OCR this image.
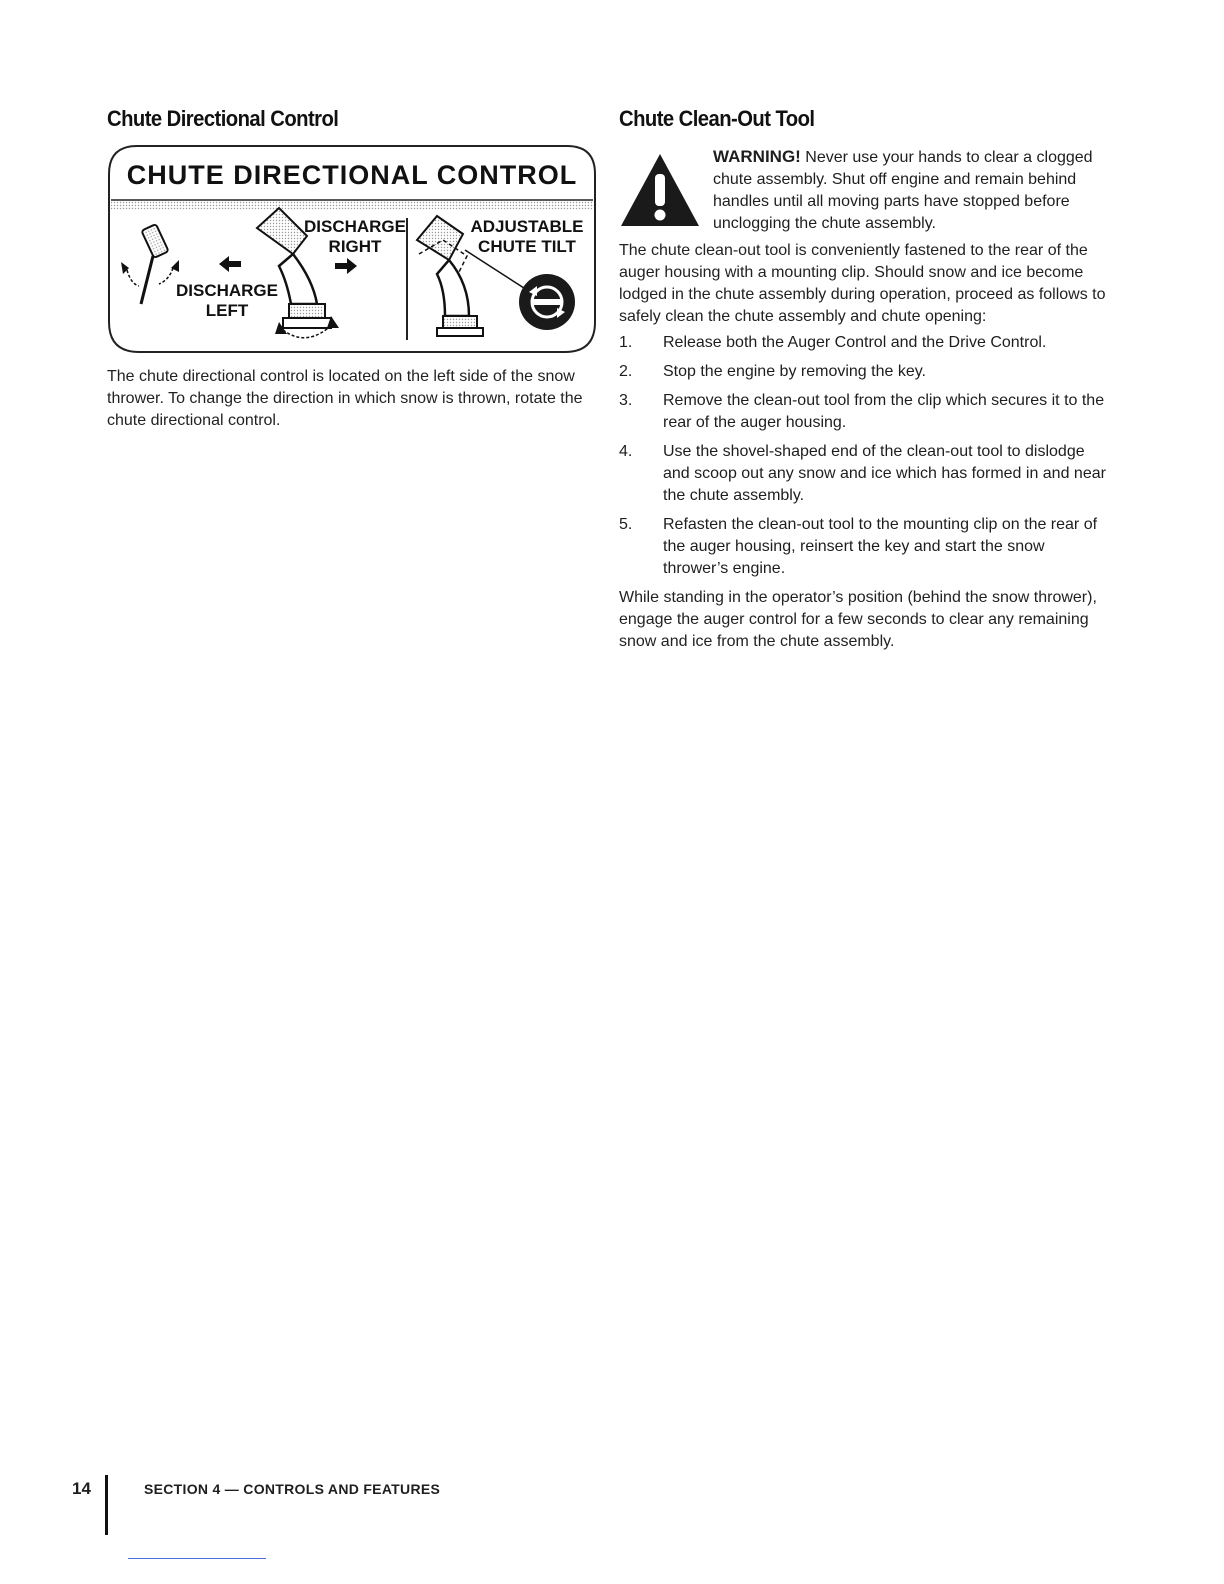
Chute Directional Control
CHUTE DIRECTIONAL CONTROL
DISCHARGE
LEFT
DISCHARGE
RIGHT
ADJUSTABLE
CHUTE TILT

The chute directional control is located on the left side of the snow thrower. To change the direction in which snow is thrown, rotate the chute directional control.

Chute Clean-Out Tool
WARNING! Never use your hands to clear a clogged chute assembly. Shut off engine and remain behind handles until all moving parts have stopped before unclogging the chute assembly.

The chute clean-out tool is conveniently fastened to the rear of the auger housing with a mounting clip. Should snow and ice become lodged in the chute assembly during operation, proceed as follows to safely clean the chute assembly and chute opening:

1. Release both the Auger Control and the Drive Control.
2. Stop the engine by removing the key.
3. Remove the clean-out tool from the clip which secures it to the rear of the auger housing.
4. Use the shovel-shaped end of the clean-out tool to dislodge and scoop out any snow and ice which has formed in and near the chute assembly.
5. Refasten the clean-out tool to the mounting clip on the rear of the auger housing, reinsert the key and start the snow thrower’s engine.

While standing in the operator’s position (behind the snow thrower), engage the auger control for a few seconds to clear any remaining snow and ice from the chute assembly.

14	SECTION 4 — CONTROLS AND FEATURES
